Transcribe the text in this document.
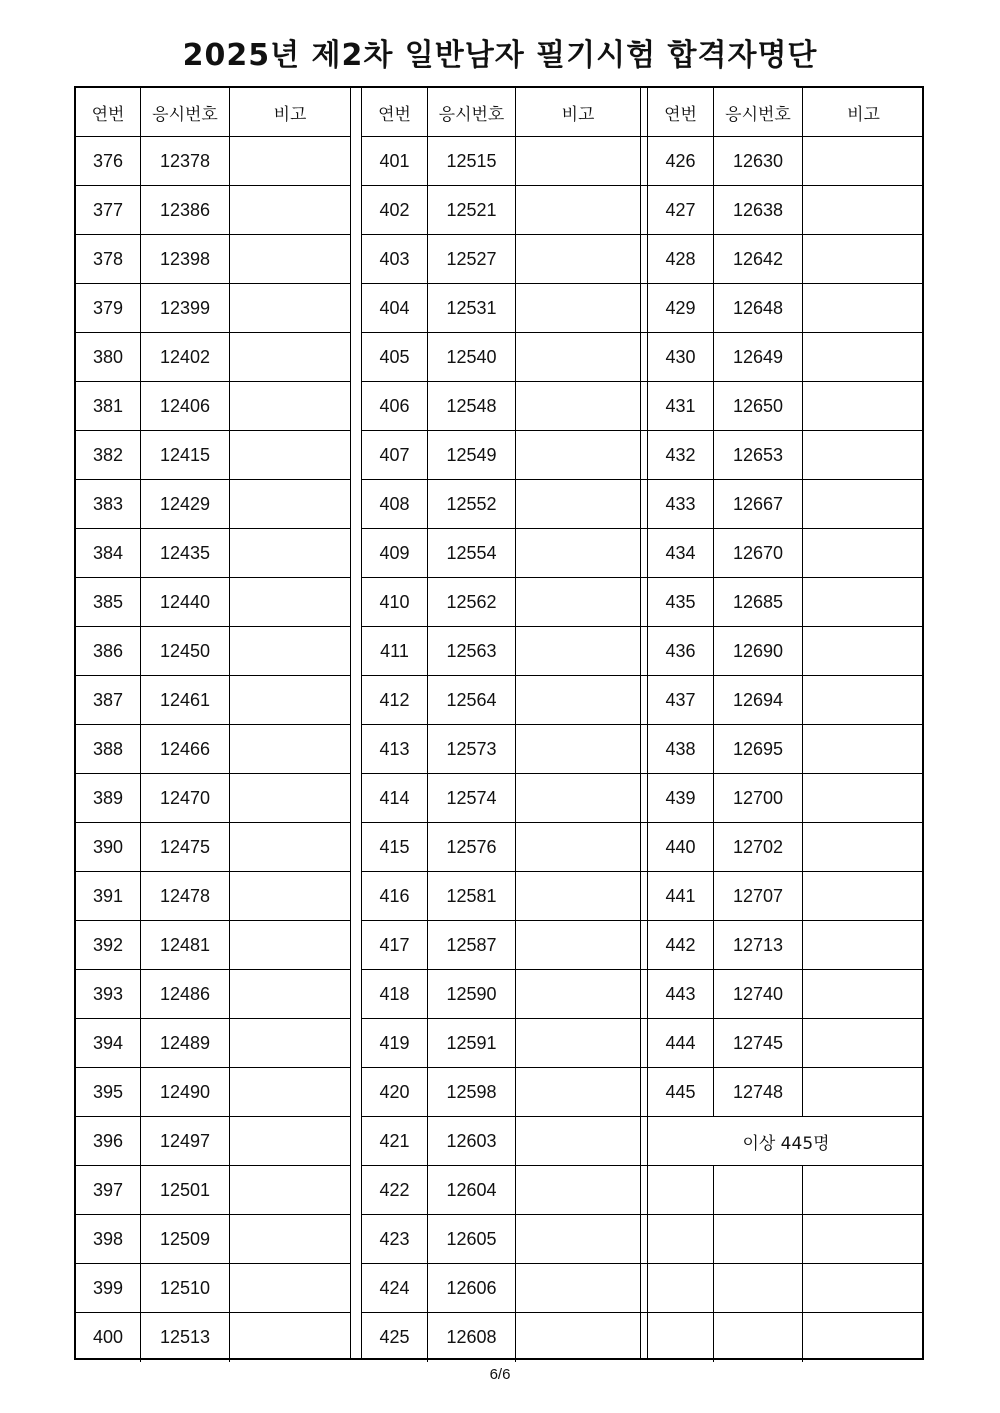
2025년 제2차 일반남자 필기시험 합격자명단
연번	응시번호	비고
376	12378
377	12386
378	12398
379	12399
380	12402
381	12406
382	12415
383	12429
384	12435
385	12440
386	12450
387	12461
388	12466
389	12470
390	12475
391	12478
392	12481
393	12486
394	12489
395	12490
396	12497
397	12501
398	12509
399	12510
400	12513
연번	응시번호	비고
401	12515
402	12521
403	12527
404	12531
405	12540
406	12548
407	12549
408	12552
409	12554
410	12562
411	12563
412	12564
413	12573
414	12574
415	12576
416	12581
417	12587
418	12590
419	12591
420	12598
421	12603
422	12604
423	12605
424	12606
425	12608
연번	응시번호	비고
426	12630
427	12638
428	12642
429	12648
430	12649
431	12650
432	12653
433	12667
434	12670
435	12685
436	12690
437	12694
438	12695
439	12700
440	12702
441	12707
442	12713
443	12740
444	12745
445	12748
이상 445명
6/6
